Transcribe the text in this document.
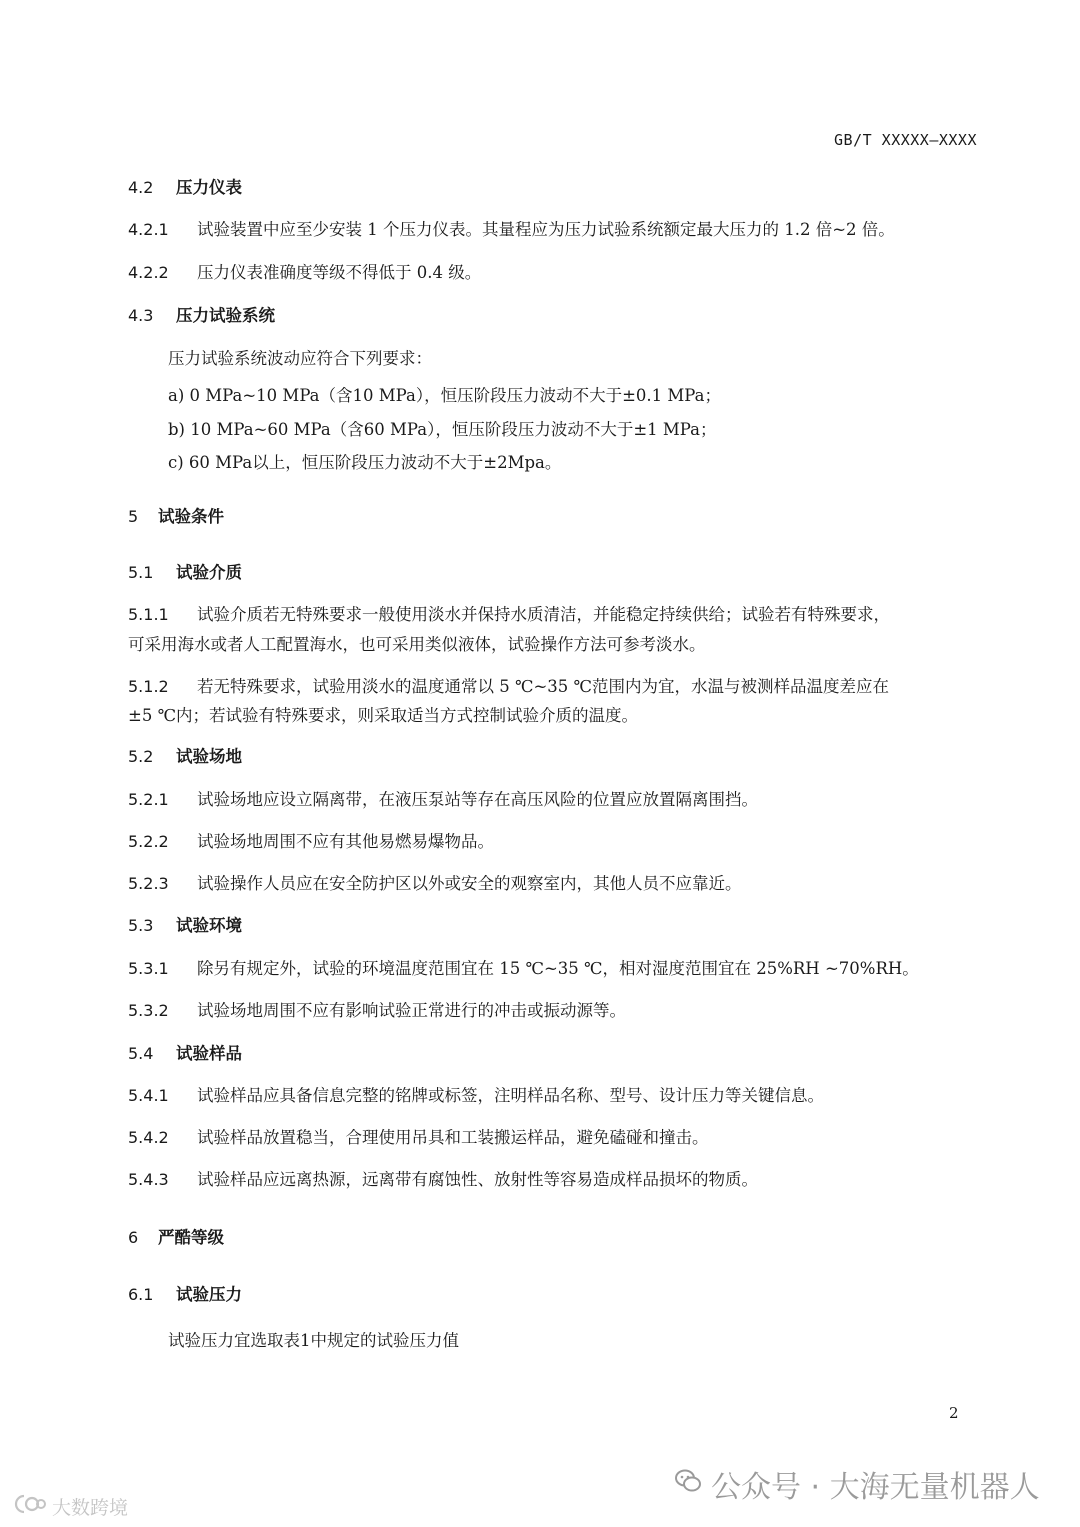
GB/T XXXXX—XXXX
4.2 压力仪表
4.2.1 试验装置中应至少安装 1 个压力仪表。其量程应为压力试验系统额定最大压力的 1.2 倍~2 倍。
4.2.2 压力仪表准确度等级不得低于 0.4 级。
4.3 压力试验系统
压力试验系统波动应符合下列要求：
a) 0 MPa~10 MPa（含10 MPa），恒压阶段压力波动不大于±0.1 MPa；
b) 10 MPa~60 MPa（含60 MPa），恒压阶段压力波动不大于±1 MPa；
c) 60 MPa以上，恒压阶段压力波动不大于±2Mpa。
5 试验条件
5.1 试验介质
5.1.1 试验介质若无特殊要求一般使用淡水并保持水质清洁，并能稳定持续供给；试验若有特殊要求，
可采用海水或者人工配置海水，也可采用类似液体，试验操作方法可参考淡水。
5.1.2 若无特殊要求，试验用淡水的温度通常以 5 ℃~35 ℃范围内为宜，水温与被测样品温度差应在
±5 ℃内；若试验有特殊要求，则采取适当方式控制试验介质的温度。
5.2 试验场地
5.2.1 试验场地应设立隔离带，在液压泵站等存在高压风险的位置应放置隔离围挡。
5.2.2 试验场地周围不应有其他易燃易爆物品。
5.2.3 试验操作人员应在安全防护区以外或安全的观察室内，其他人员不应靠近。
5.3 试验环境
5.3.1 除另有规定外，试验的环境温度范围宜在 15 ℃~35 ℃，相对湿度范围宜在 25%RH ~70%RH。
5.3.2 试验场地周围不应有影响试验正常进行的冲击或振动源等。
5.4 试验样品
5.4.1 试验样品应具备信息完整的铭牌或标签，注明样品名称、型号、设计压力等关键信息。
5.4.2 试验样品放置稳当，合理使用吊具和工装搬运样品，避免磕碰和撞击。
5.4.3 试验样品应远离热源，远离带有腐蚀性、放射性等容易造成样品损坏的物质。
6 严酷等级
6.1 试验压力
试验压力宜选取表1中规定的试验压力值
2
公众号 · 大海无量机器人
大数跨境
